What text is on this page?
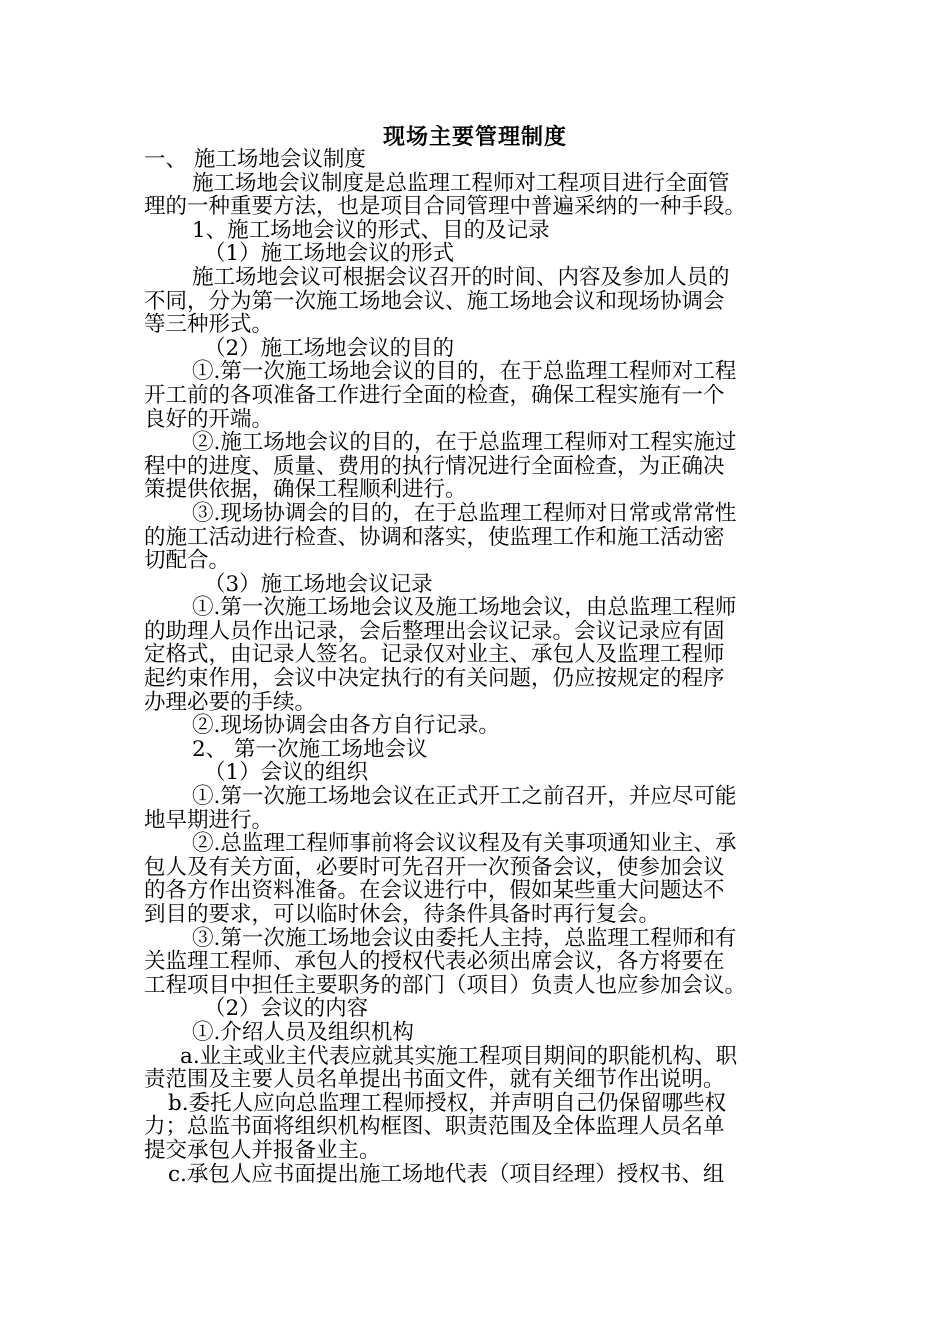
现场主要管理制度

一、 施工场地会议制度

施工场地会议制度是总监理工程师对工程项目进行全面管

理的一种重要方法，也是项目合同管理中普遍采纳的一种手段。

1、施工场地会议的形式、目的及记录

（1）施工场地会议的形式

施工场地会议可根据会议召开的时间、内容及参加人员的

不同，分为第一次施工场地会议、施工场地会议和现场协调会

等三种形式。

（2）施工场地会议的目的

①.第一次施工场地会议的目的，在于总监理工程师对工程

开工前的各项准备工作进行全面的检查，确保工程实施有一个

良好的开端。

②.施工场地会议的目的，在于总监理工程师对工程实施过

程中的进度、质量、费用的执行情况进行全面检查，为正确决

策提供依据，确保工程顺利进行。

③.现场协调会的目的，在于总监理工程师对日常或常常性

的施工活动进行检查、协调和落实，使监理工作和施工活动密

切配合。

（3）施工场地会议记录

①.第一次施工场地会议及施工场地会议，由总监理工程师

的助理人员作出记录，会后整理出会议记录。会议记录应有固

定格式，由记录人签名。记录仅对业主、承包人及监理工程师

起约束作用，会议中决定执行的有关问题，仍应按规定的程序

办理必要的手续。

②.现场协调会由各方自行记录。

2、 第一次施工场地会议

（1）会议的组织

①.第一次施工场地会议在正式开工之前召开，并应尽可能

地早期进行。

②.总监理工程师事前将会议议程及有关事项通知业主、承

包人及有关方面，必要时可先召开一次预备会议，使参加会议

的各方作出资料准备。在会议进行中，假如某些重大问题达不

到目的要求，可以临时休会，待条件具备时再行复会。

③.第一次施工场地会议由委托人主持，总监理工程师和有

关监理工程师、承包人的授权代表必须出席会议，各方将要在

工程项目中担任主要职务的部门（项目）负责人也应参加会议。

（2）会议的内容

①.介绍人员及组织机构

a.业主或业主代表应就其实施工程项目期间的职能机构、职

责范围及主要人员名单提出书面文件，就有关细节作出说明。

b.委托人应向总监理工程师授权，并声明自己仍保留哪些权

力；总监书面将组织机构框图、职责范围及全体监理人员名单

提交承包人并报备业主。

c.承包人应书面提出施工场地代表（项目经理）授权书、组
